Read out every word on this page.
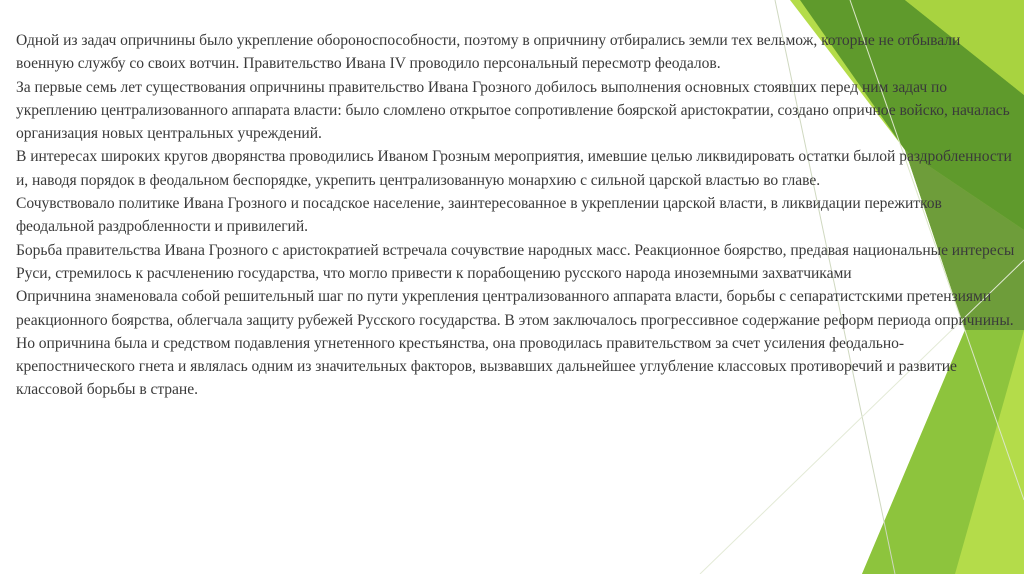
Одной из задач опричнины было укрепление обороноспособности, поэтому в опричнину отбирались земли тех вельмож, которые не отбывали военную службу со своих вотчин. Правительство Ивана IV проводило персональный пересмотр феодалов.

За первые семь лет существования опричнины правительство Ивана Грозного добилось выполнения основных стоявших перед ним задач по укреплению централизованного аппарата власти: было сломлено открытое сопротивление боярской аристократии, создано опричное войско, началась организация новых центральных учреждений.

В интересах широких кругов дворянства проводились Иваном Грозным мероприятия, имевшие целью ликвидировать остатки былой раздробленности и, наводя порядок в феодальном беспорядке, укрепить централизованную монархию с сильной царской властью во главе.

Сочувствовало политике Ивана Грозного и посадское население, заинтересованное в укреплении царской власти, в ликвидации пережитков феодальной раздробленности и привилегий.

Борьба правительства Ивана Грозного с аристократией встречала сочувствие народных масс. Реакционное боярство, предавая национальные интересы Руси, стремилось к расчленению государства, что могло привести к порабощению русского народа иноземными захватчиками

Опричнина знаменовала собой решительный шаг по пути укрепления централизованного аппарата власти, борьбы с сепаратистскими претензиями реакционного боярства, облегчала защиту рубежей Русского государства. В этом заключалось прогрессивное содержание реформ периода опричнины. Но опричнина была и средством подавления угнетенного крестьянства, она проводилась правительством за счет усиления феодально-крепостнического гнета и являлась одним из значительных факторов, вызвавших дальнейшее углубление классовых противоречий и развитие классовой борьбы в стране.
